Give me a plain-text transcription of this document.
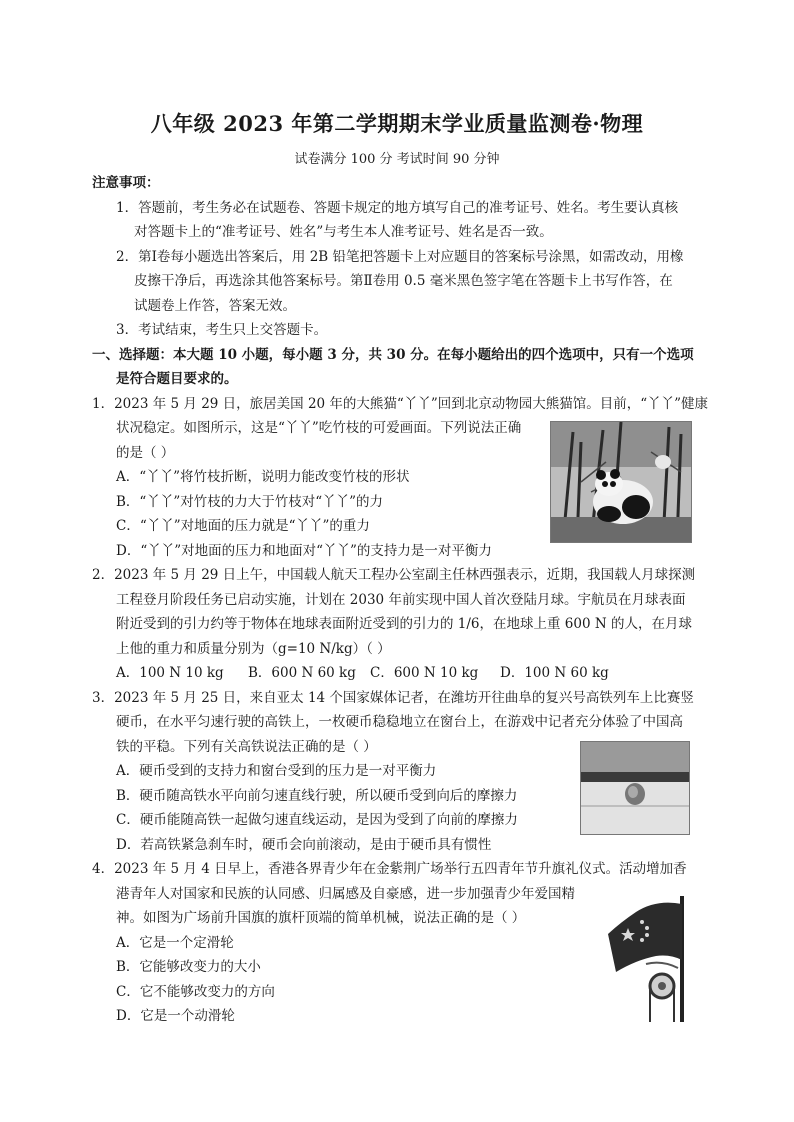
八年级 2023 年第二学期期末学业质量监测卷·物理
试卷满分 100 分 考试时间 90 分钟
注意事项：
1．答题前，考生务必在试题卷、答题卡规定的地方填写自己的准考证号、姓名。考生要认真核
对答题卡上的“准考证号、姓名”与考生本人准考证号、姓名是否一致。
2．第Ⅰ卷每小题选出答案后，用 2B 铅笔把答题卡上对应题目的答案标号涂黑，如需改动，用橡
皮擦干净后，再选涂其他答案标号。第Ⅱ卷用 0.5 毫米黑色签字笔在答题卡上书写作答，在
试题卷上作答，答案无效。
3．考试结束，考生只上交答题卡。
一、选择题：本大题 10 小题，每小题 3 分，共 30 分。在每小题给出的四个选项中，只有一个选项
是符合题目要求的。
1．2023 年 5 月 29 日，旅居美国 20 年的大熊猫“丫丫”回到北京动物园大熊猫馆。目前，“丫丫”健康
状况稳定。如图所示，这是“丫丫”吃竹枝的可爱画面。下列说法正确
的是（ ）
A．“丫丫”将竹枝折断，说明力能改变竹枝的形状
B．“丫丫”对竹枝的力大于竹枝对“丫丫”的力
C．“丫丫”对地面的压力就是“丫丫”的重力
D．“丫丫”对地面的压力和地面对“丫丫”的支持力是一对平衡力
2．2023 年 5 月 29 日上午，中国载人航天工程办公室副主任林西强表示，近期，我国载人月球探测
工程登月阶段任务已启动实施，计划在 2030 年前实现中国人首次登陆月球。宇航员在月球表面
附近受到的引力约等于物体在地球表面附近受到的引力的 1/6，在地球上重 600 N 的人，在月球
上他的重力和质量分别为（g=10 N/kg）（ ）
A．100 N 10 kg B．600 N 60 kg C．600 N 10 kg D．100 N 60 kg
3．2023 年 5 月 25 日，来自亚太 14 个国家媒体记者，在潍坊开往曲阜的复兴号高铁列车上比赛竖
硬币，在水平匀速行驶的高铁上，一枚硬币稳稳地立在窗台上，在游戏中记者充分体验了中国高
铁的平稳。下列有关高铁说法正确的是（ ）
A．硬币受到的支持力和窗台受到的压力是一对平衡力
B．硬币随高铁水平向前匀速直线行驶，所以硬币受到向后的摩擦力
C．硬币能随高铁一起做匀速直线运动，是因为受到了向前的摩擦力
D．若高铁紧急刹车时，硬币会向前滚动，是由于硬币具有惯性
4．2023 年 5 月 4 日早上，香港各界青少年在金紫荆广场举行五四青年节升旗礼仪式。活动增加香
港青年人对国家和民族的认同感、归属感及自豪感，进一步加强青少年爱国精
神。如图为广场前升国旗的旗杆顶端的简单机械，说法正确的是（ ）
A．它是一个定滑轮
B．它能够改变力的大小
C．它不能够改变力的方向
D．它是一个动滑轮
